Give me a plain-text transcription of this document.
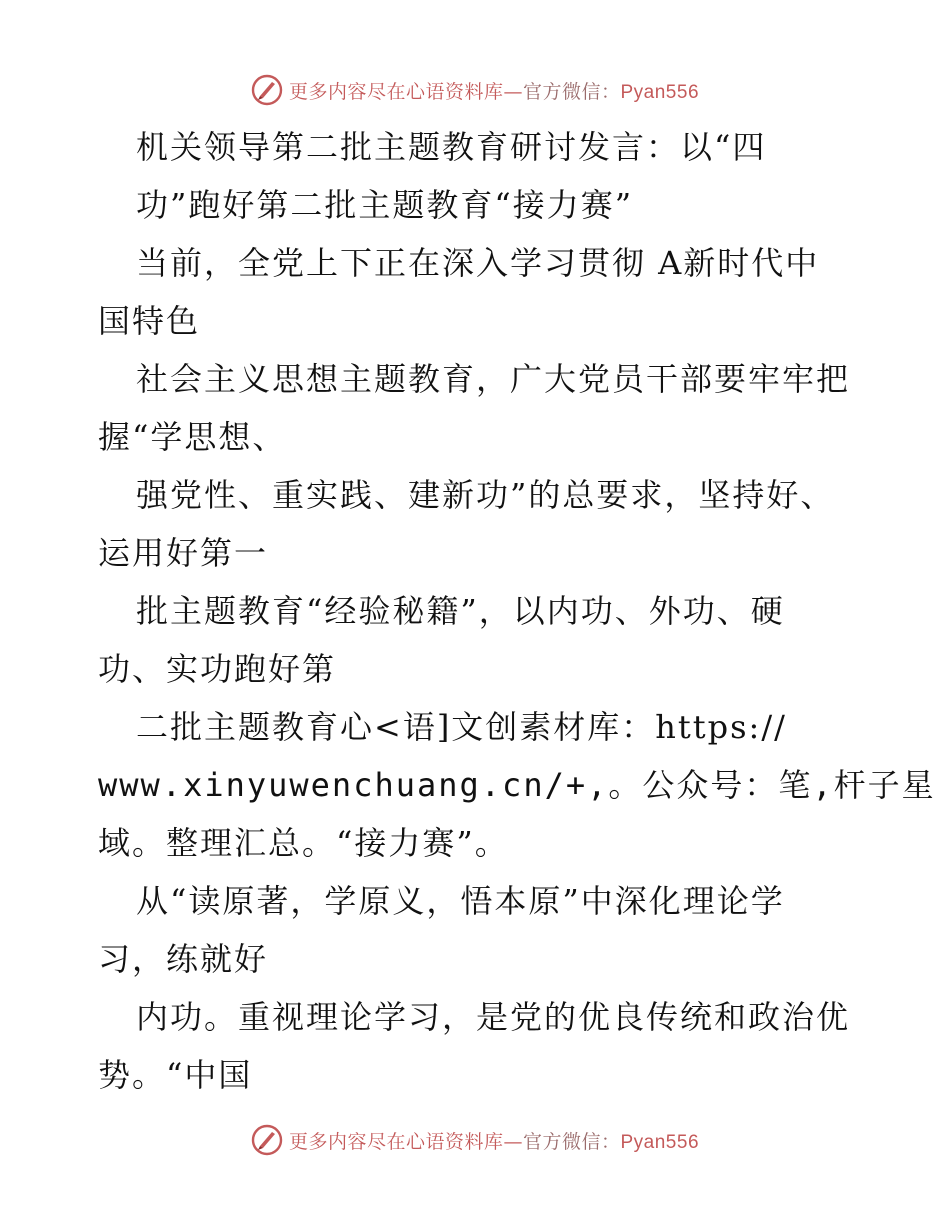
更多内容尽在心语资料库—官方微信：Pyan556
机关领导第二批主题教育研讨发言：以“四
功”跑好第二批主题教育“接力赛”
当前，全党上下正在深入学习贯彻 A新时代中
国特色
社会主义思想主题教育，广大党员干部要牢牢把
握“学思想、
强党性、重实践、建新功”的总要求，坚持好、
运用好第一
批主题教育“经验秘籍”，以内功、外功、硬
功、实功跑好第
二批主题教育心<语]文创素材库：https://
www.xinyuwenchuang.cn/+,。公众号：笔,杆子星
域。整理汇总。“接力赛”。
从“读原著，学原义，悟本原”中深化理论学
习，练就好
内功。重视理论学习，是党的优良传统和政治优
势。“中国
更多内容尽在心语资料库—官方微信：Pyan556
